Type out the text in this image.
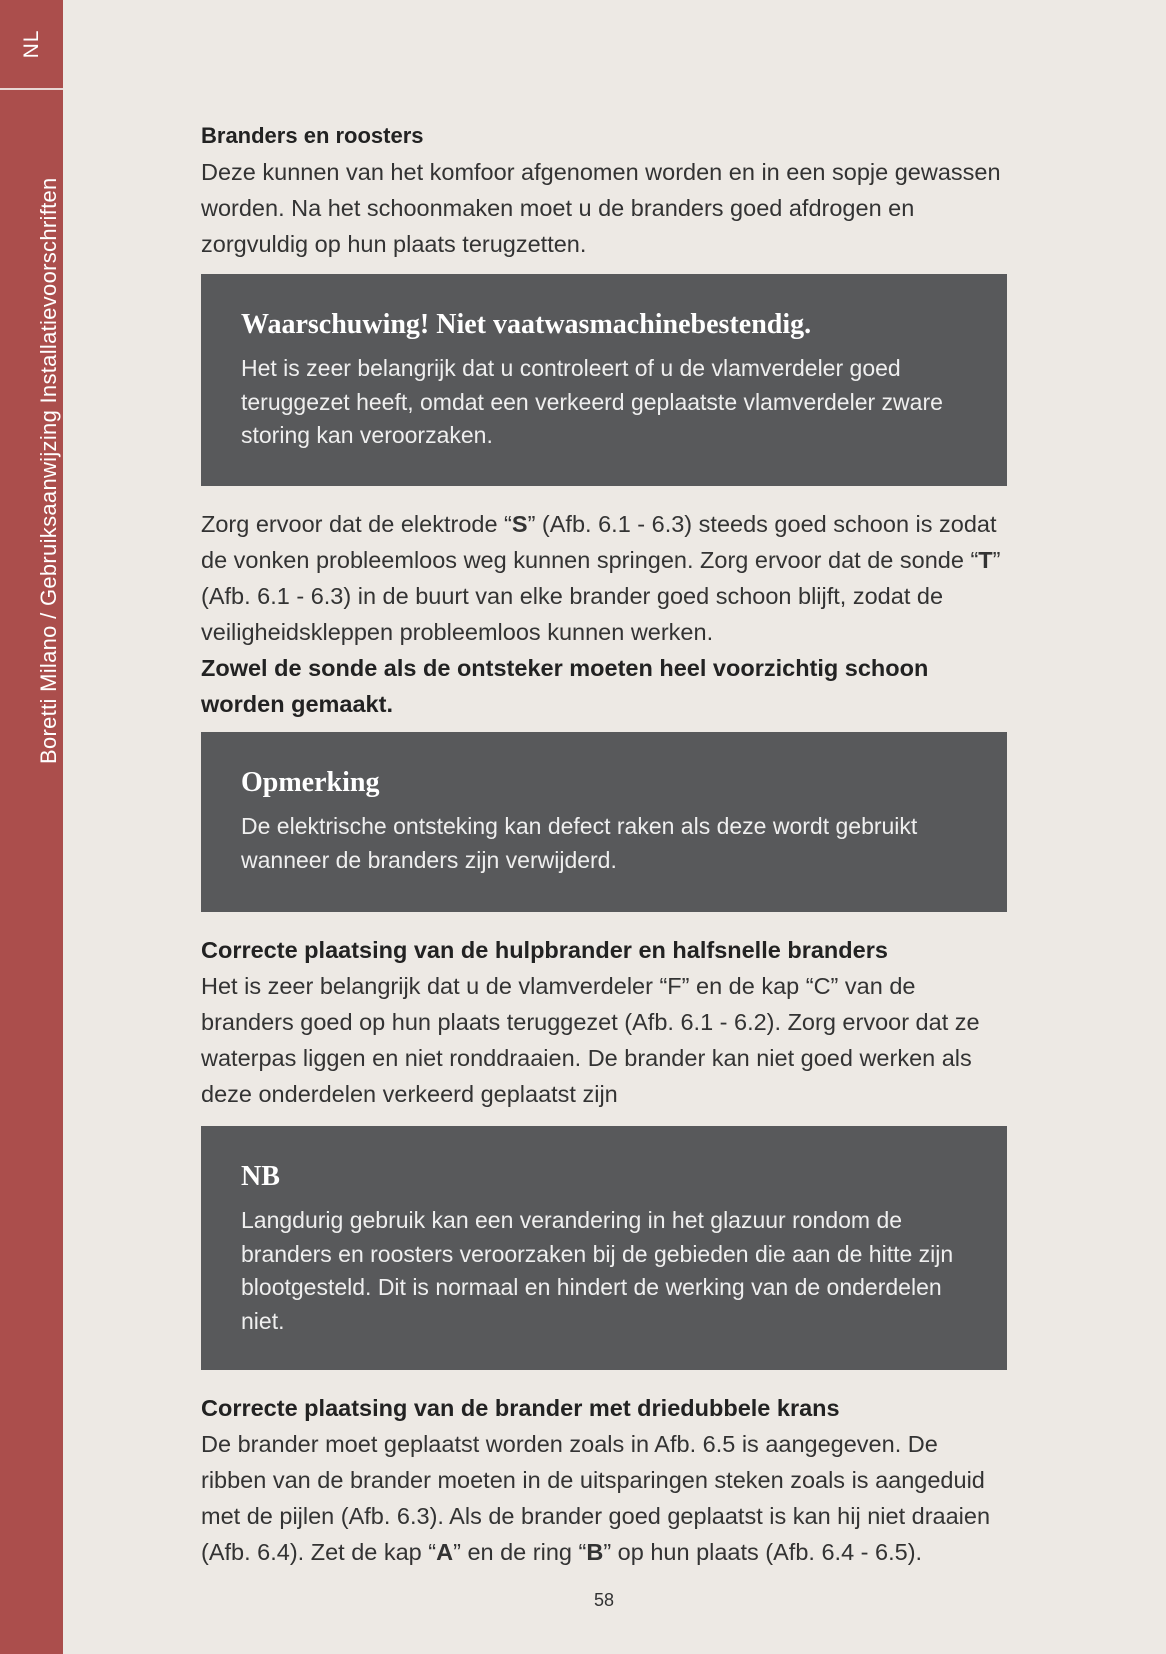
NL
Boretti Milano / Gebruiksaanwijzing Installatievoorschriften

Branders en roosters

Deze kunnen van het komfoor afgenomen worden en in een sopje gewassen worden. Na het schoonmaken moet u de branders goed afdrogen en zorgvuldig op hun plaats terugzetten.

Waarschuwing! Niet vaatwasmachinebestendig.

Het is zeer belangrijk dat u controleert of u de vlamverdeler goed teruggezet heeft, omdat een verkeerd geplaatste vlamverdeler zware storing kan veroorzaken.

Zorg ervoor dat de elektrode “S” (Afb. 6.1 - 6.3) steeds goed schoon is zodat de vonken probleemloos weg kunnen springen. Zorg ervoor dat de sonde “T” (Afb. 6.1 - 6.3) in de buurt van elke brander goed schoon blijft, zodat de veiligheidskleppen probleemloos kunnen werken.

Zowel de sonde als de ontsteker moeten heel voorzichtig schoon worden gemaakt.

Opmerking

De elektrische ontsteking kan defect raken als deze wordt gebruikt wanneer de branders zijn verwijderd.

Correcte plaatsing van de hulpbrander en halfsnelle branders

Het is zeer belangrijk dat u de vlamverdeler “F” en de kap “C” van de branders goed op hun plaats teruggezet (Afb. 6.1 - 6.2). Zorg ervoor dat ze waterpas liggen en niet ronddraaien. De brander kan niet goed werken als deze onderdelen verkeerd geplaatst zijn

NB

Langdurig gebruik kan een verandering in het glazuur rondom de branders en roosters veroorzaken bij de gebieden die aan de hitte zijn blootgesteld. Dit is normaal en hindert de werking van de onderdelen niet.

Correcte plaatsing van de brander met driedubbele krans

De brander moet geplaatst worden zoals in Afb. 6.5 is aangegeven. De ribben van de brander moeten in de uitsparingen steken zoals is aangeduid met de pijlen (Afb. 6.3). Als de brander goed geplaatst is kan hij niet draaien (Afb. 6.4). Zet de kap “A” en de ring “B” op hun plaats (Afb. 6.4 - 6.5).

58
